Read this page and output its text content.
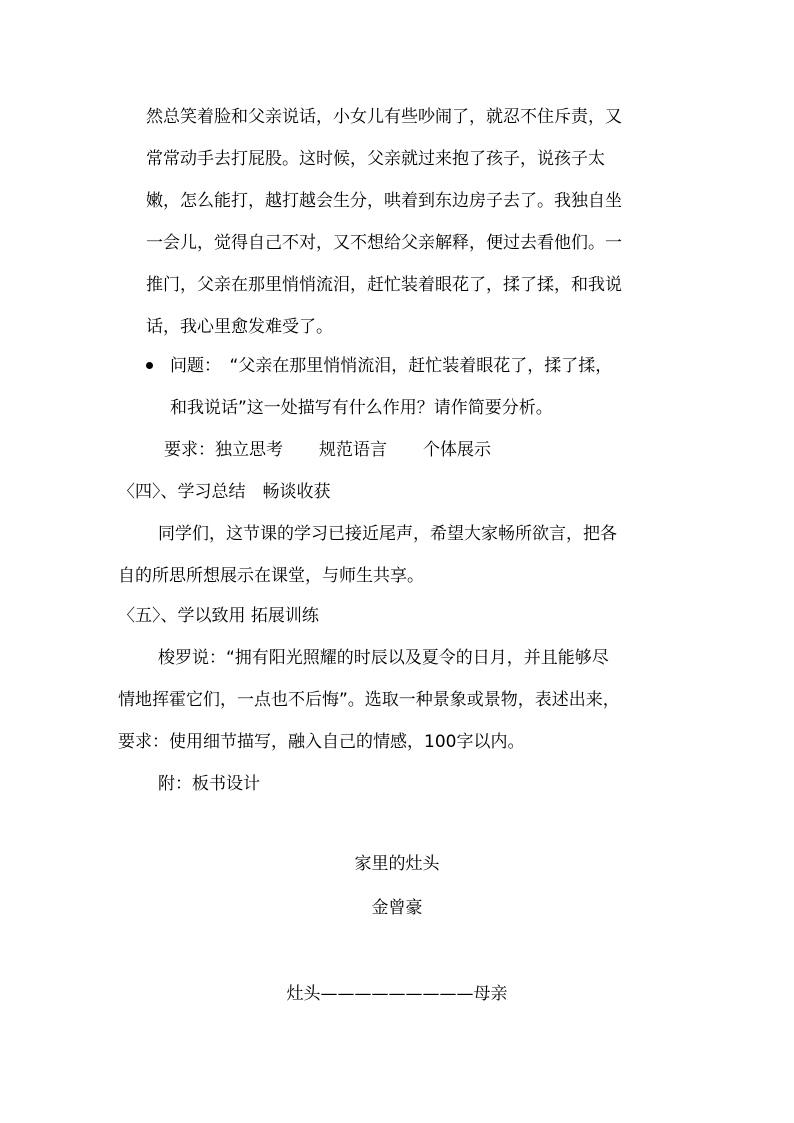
然总笑着脸和父亲说话，小女儿有些吵闹了，就忍不住斥责，又
常常动手去打屁股。这时候，父亲就过来抱了孩子，说孩子太
嫩，怎么能打，越打越会生分，哄着到东边房子去了。我独自坐
一会儿，觉得自己不对，又不想给父亲解释，便过去看他们。一
推门，父亲在那里悄悄流泪，赶忙装着眼花了，揉了揉，和我说
话，我心里愈发难受了。
问题：　“父亲在那里悄悄流泪，赶忙装着眼花了，揉了揉，
和我说话”这一处描写有什么作用？请作简要分析。
要求：独立思考 规范语言 个体展示
〈四〉、学习总结　畅谈收获
同学们，这节课的学习已接近尾声，希望大家畅所欲言，把各
自的所思所想展示在课堂，与师生共享。
〈五〉、学以致用 拓展训练
梭罗说：“拥有阳光照耀的时辰以及夏令的日月，并且能够尽
情地挥霍它们，一点也不后悔”。选取一种景象或景物，表述出来，
要求：使用细节描写，融入自己的情感，100字以内。
附：板书设计
家里的灶头
金曾豪
灶头—————————母亲
